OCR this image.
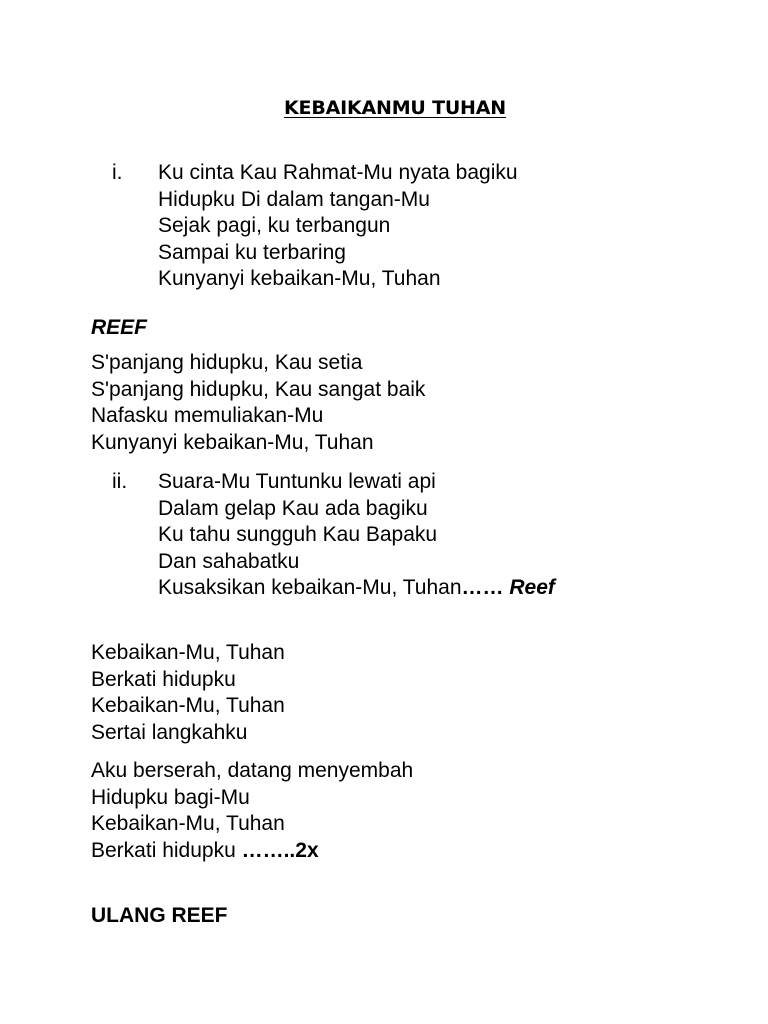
KEBAIKANMU TUHAN
i. Ku cinta Kau Rahmat-Mu nyata bagiku
Hidupku Di dalam tangan-Mu
Sejak pagi, ku terbangun
Sampai ku terbaring
Kunyanyi kebaikan-Mu, Tuhan
REEF
S'panjang hidupku, Kau setia
S'panjang hidupku, Kau sangat baik
Nafasku memuliakan-Mu
Kunyanyi kebaikan-Mu, Tuhan
ii. Suara-Mu Tuntunku lewati api
Dalam gelap Kau ada bagiku
Ku tahu sungguh Kau Bapaku
Dan sahabatku
Kusaksikan kebaikan-Mu, Tuhan…… Reef
Kebaikan-Mu, Tuhan
Berkati hidupku
Kebaikan-Mu, Tuhan
Sertai langkahku
Aku berserah, datang menyembah
Hidupku bagi-Mu
Kebaikan-Mu, Tuhan
Berkati hidupku ……..2x
ULANG REEF
